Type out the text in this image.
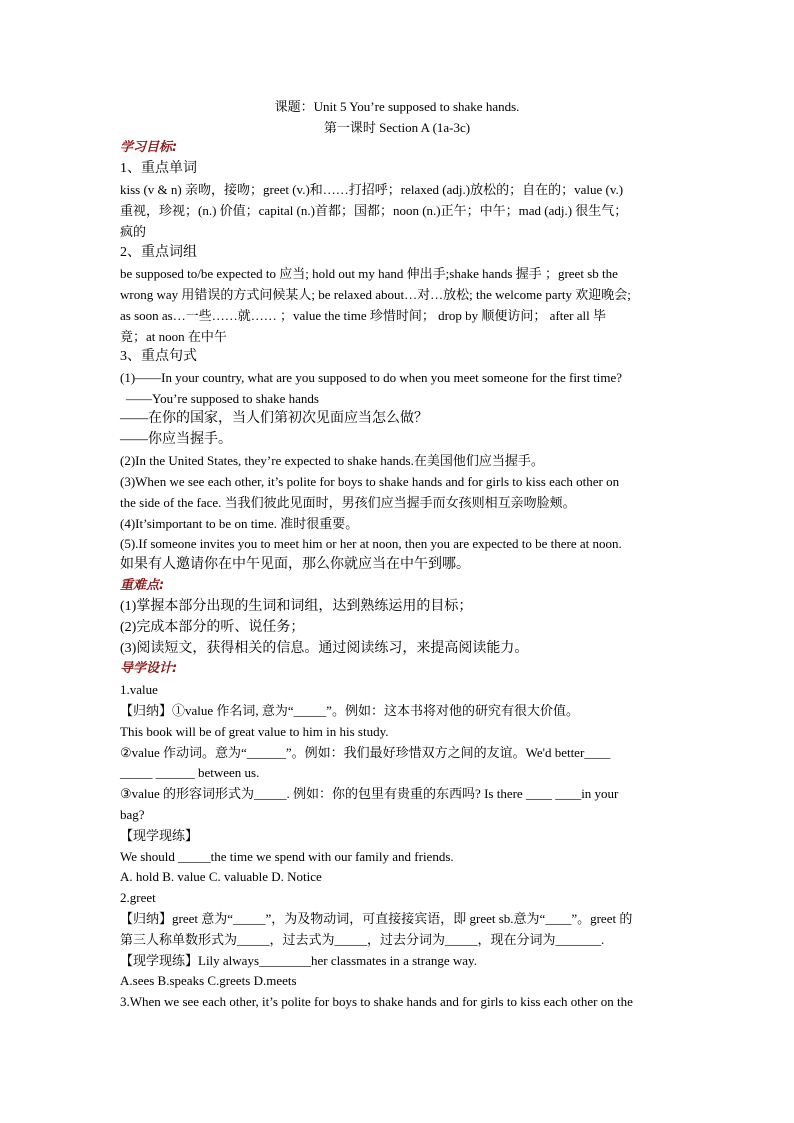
课题：Unit 5 You’re supposed to shake hands.
第一课时 Section A (1a-3c)
学习目标:
1、重点单词
kiss (v & n) 亲吻，接吻；greet (v.)和……打招呼；relaxed (adj.)放松的；自在的；value (v.)
重视，珍视；(n.) 价值；capital (n.)首都；国都；noon (n.)正午；中午；mad (adj.) 很生气；
疯的
2、重点词组
be supposed to/be expected to 应当; hold out my hand 伸出手;shake hands 握手 ；greet sb the
wrong way 用错误的方式问候某人; be relaxed about…对…放松; the welcome party 欢迎晚会;
as soon as…一些……就…… ；value the time 珍惜时间； drop by 顺便访问； after all 毕
竟；at noon 在中午
3、重点句式
(1)——In your country, what are you supposed to do when you meet someone for the first time?
——You’re supposed to shake hands
——在你的国家，当人们第初次见面应当怎么做？
——你应当握手。
(2)In the United States, they’re expected to shake hands.在美国他们应当握手。
(3)When we see each other, it’s polite for boys to shake hands and for girls to kiss each other on
the side of the face. 当我们彼此见面时，男孩们应当握手而女孩则相互亲吻脸颊。
(4)It’simportant to be on time. 准时很重要。
(5).If someone invites you to meet him or her at noon, then you are expected to be there at noon.
如果有人邀请你在中午见面，那么你就应当在中午到哪。
重难点:
(1)掌握本部分出现的生词和词组，达到熟练运用的目标；
(2)完成本部分的听、说任务；
(3)阅读短文，获得相关的信息。通过阅读练习，来提高阅读能力。
导学设计:
1.value
【归纳】①value 作名词, 意为“_____”。例如：这本书将对他的研究有很大价值。
This book will be of great value to him in his study.
②value 作动词。意为“______”。例如：我们最好珍惜双方之间的友谊。We'd better____
_____ ______ between us.
③value 的形容词形式为_____. 例如：你的包里有贵重的东西吗? Is there ____ ____in your
bag?
【现学现练】
We should _____the time we spend with our family and friends.
A. hold B. value C. valuable D. Notice
2.greet
【归纳】greet 意为“_____”，为及物动词，可直接接宾语，即 greet sb.意为“____”。greet 的
第三人称单数形式为_____，过去式为_____，过去分词为_____，现在分词为_______.
【现学现练】Lily always________her classmates in a strange way.
A.sees B.speaks C.greets D.meets
3.When we see each other, it’s polite for boys to shake hands and for girls to kiss each other on the
